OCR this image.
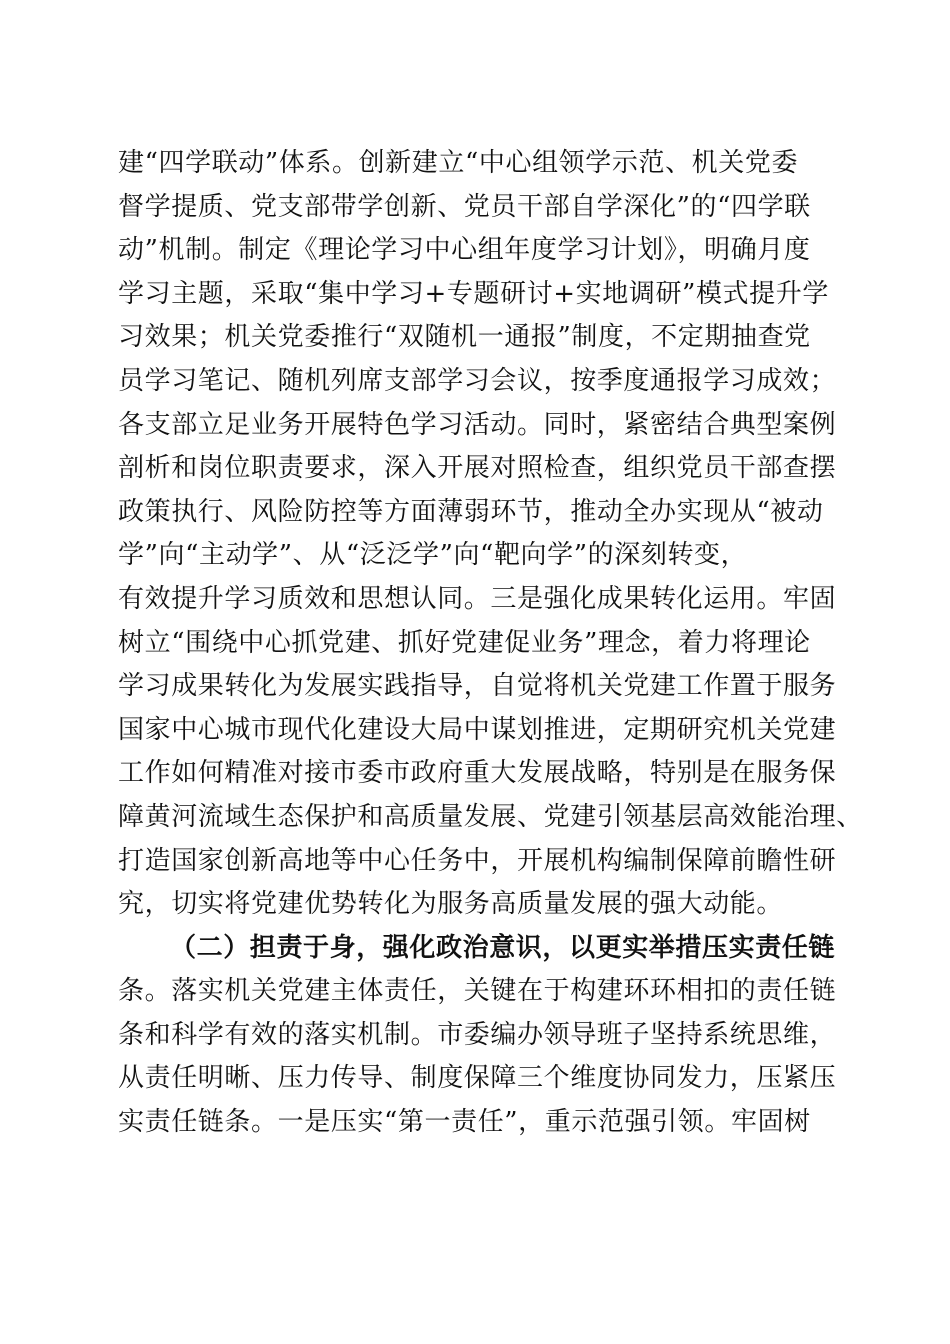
建“四学联动”体系。创新建立“中心组领学示范、机关党委
督学提质、党支部带学创新、党员干部自学深化”的“四学联
动”机制。制定《理论学习中心组年度学习计划》，明确月度
学习主题，采取“集中学习+专题研讨+实地调研”模式提升学
习效果；机关党委推行“双随机一通报”制度，不定期抽查党
员学习笔记、随机列席支部学习会议，按季度通报学习成效；
各支部立足业务开展特色学习活动。同时，紧密结合典型案例
剖析和岗位职责要求，深入开展对照检查，组织党员干部查摆
政策执行、风险防控等方面薄弱环节，推动全办实现从“被动
学”向“主动学”、从“泛泛学”向“靶向学”的深刻转变，
有效提升学习质效和思想认同。三是强化成果转化运用。牢固
树立“围绕中心抓党建、抓好党建促业务”理念，着力将理论
学习成果转化为发展实践指导，自觉将机关党建工作置于服务
国家中心城市现代化建设大局中谋划推进，定期研究机关党建
工作如何精准对接市委市政府重大发展战略，特别是在服务保
障黄河流域生态保护和高质量发展、党建引领基层高效能治理、
打造国家创新高地等中心任务中，开展机构编制保障前瞻性研
究，切实将党建优势转化为服务高质量发展的强大动能。
（二）担责于身，强化政治意识，以更实举措压实责任链
条。落实机关党建主体责任，关键在于构建环环相扣的责任链
条和科学有效的落实机制。市委编办领导班子坚持系统思维，
从责任明晰、压力传导、制度保障三个维度协同发力，压紧压
实责任链条。一是压实“第一责任”，重示范强引领。牢固树
